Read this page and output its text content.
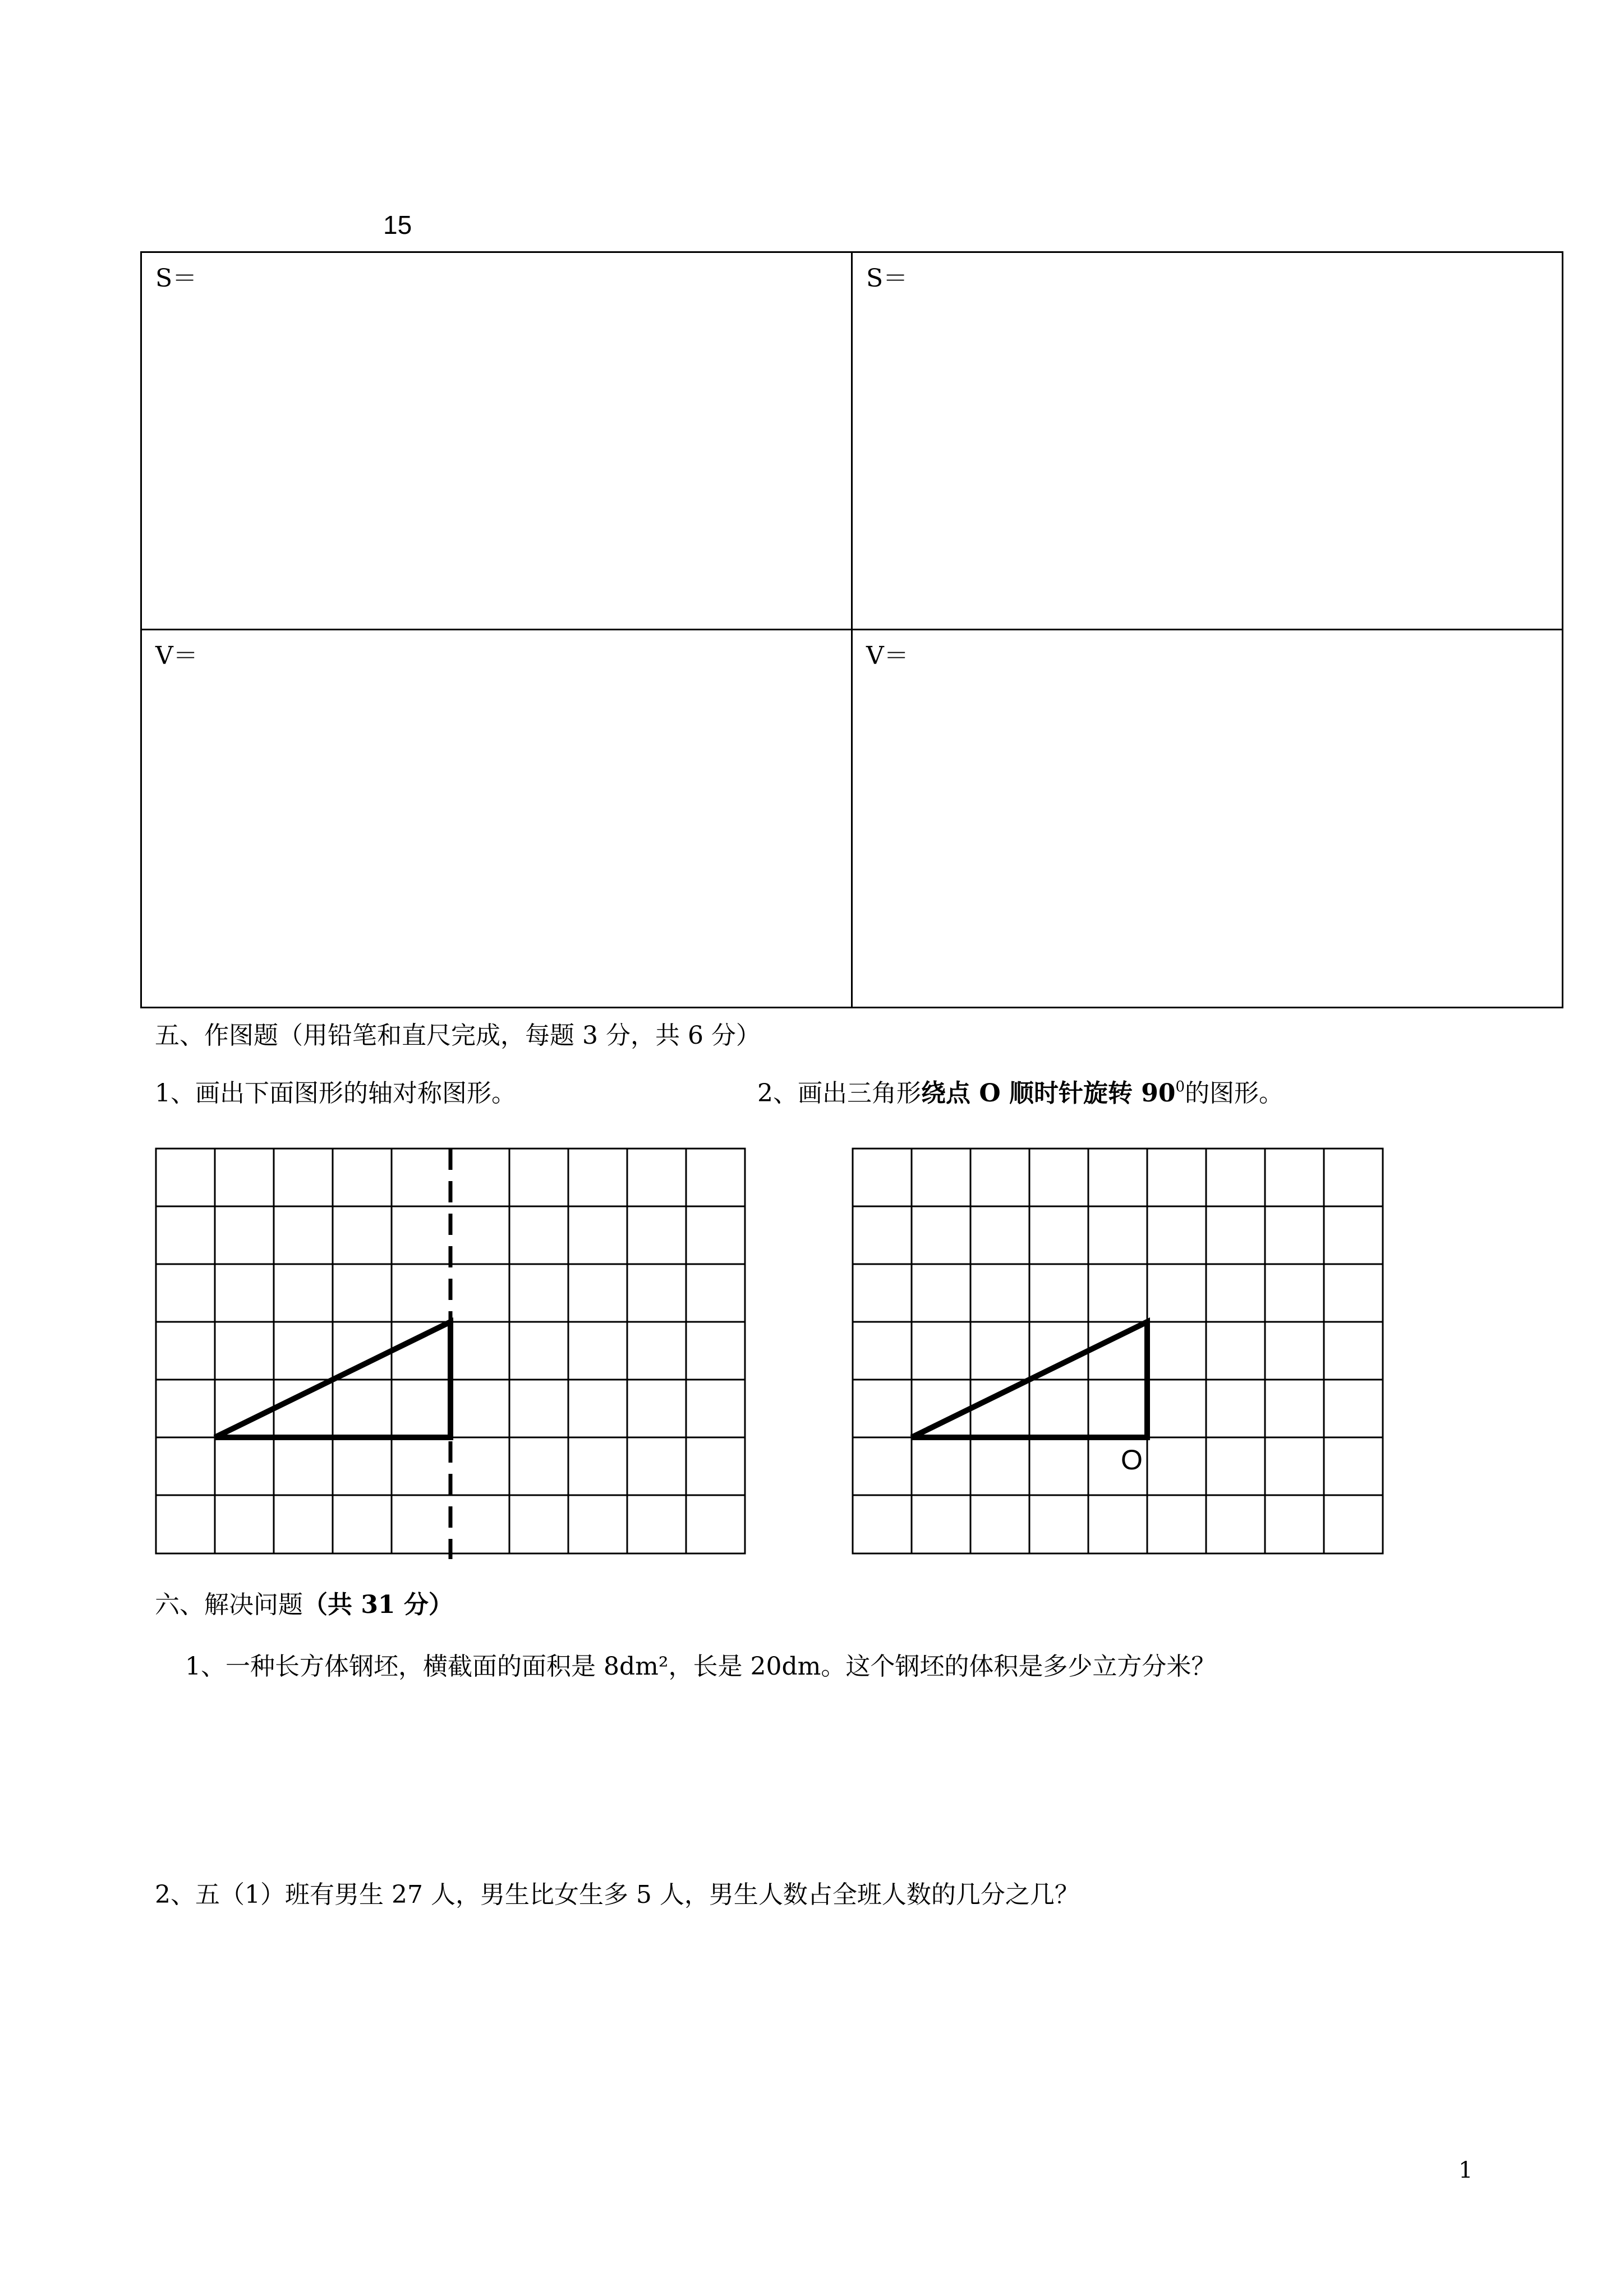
15
S＝	S＝
V＝	V＝
五、作图题（用铅笔和直尺完成，每题 3 分，共 6 分）
1、画出下面图形的轴对称图形。	2、画出三角形绕点 O 顺时针旋转 $90^0$的图形。
O
六、解决问题（共 31 分）
1、一种长方体钢坯，横截面的面积是 8dm²，长是 20dm。这个钢坯的体积是多少立方分米？
2、五（1）班有男生 27 人，男生比女生多 5 人，男生人数占全班人数的几分之几？
1
